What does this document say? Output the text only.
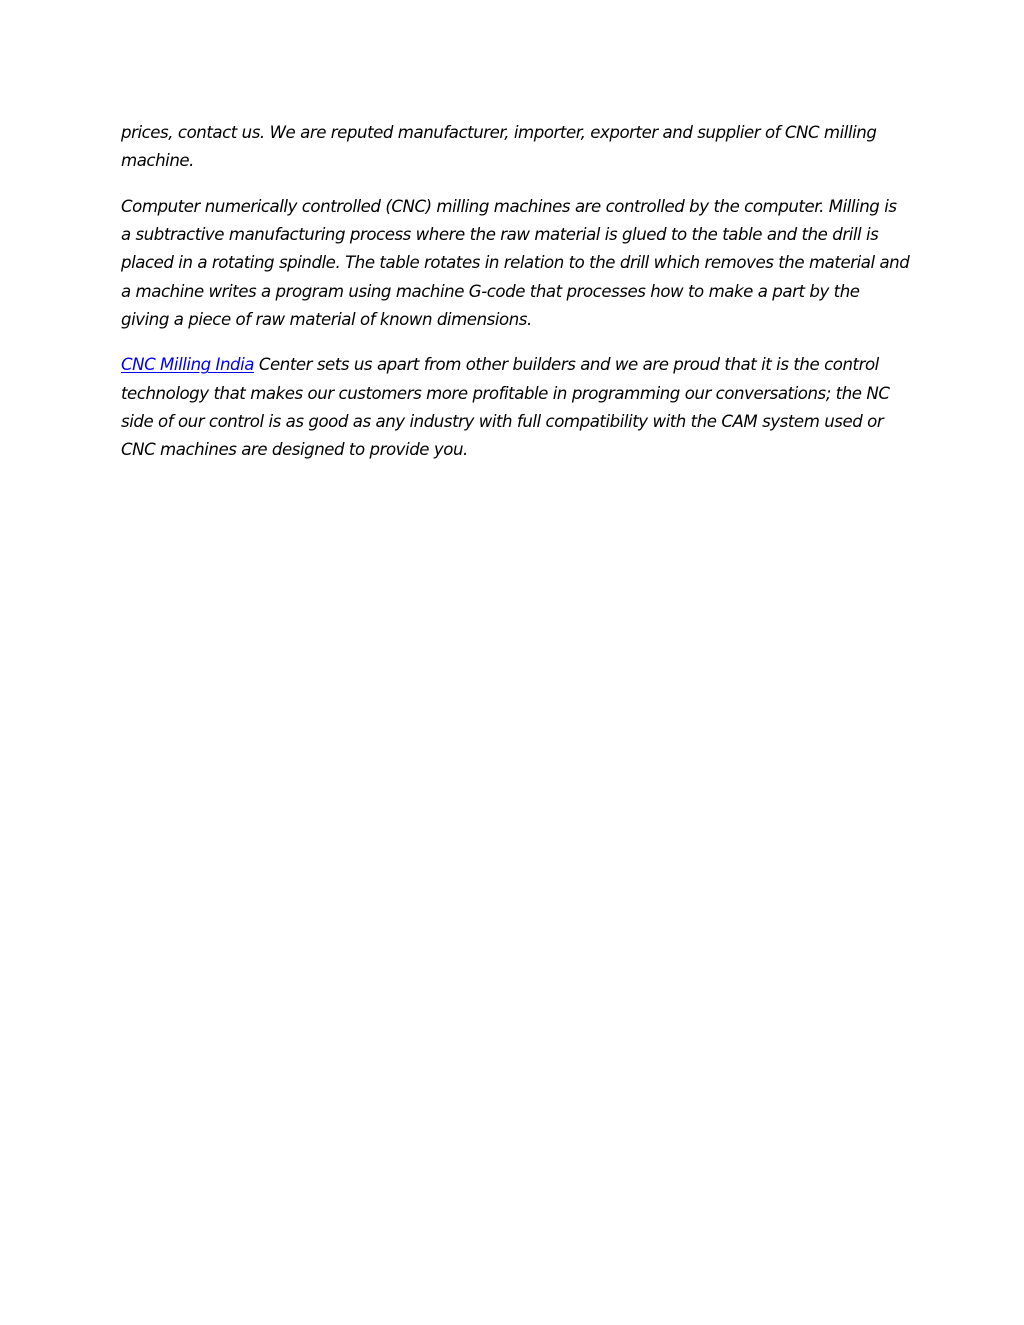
prices, contact us. We are reputed manufacturer, importer, exporter and supplier of CNC milling machine.

Computer numerically controlled (CNC) milling machines are controlled by the computer. Milling is a subtractive manufacturing process where the raw material is glued to the table and the drill is placed in a rotating spindle. The table rotates in relation to the drill which removes the material and a machine writes a program using machine G-code that processes how to make a part by the giving a piece of raw material of known dimensions.

CNC Milling India Center sets us apart from other builders and we are proud that it is the control technology that makes our customers more profitable in programming our conversations; the NC side of our control is as good as any industry with full compatibility with the CAM system used or CNC machines are designed to provide you.
